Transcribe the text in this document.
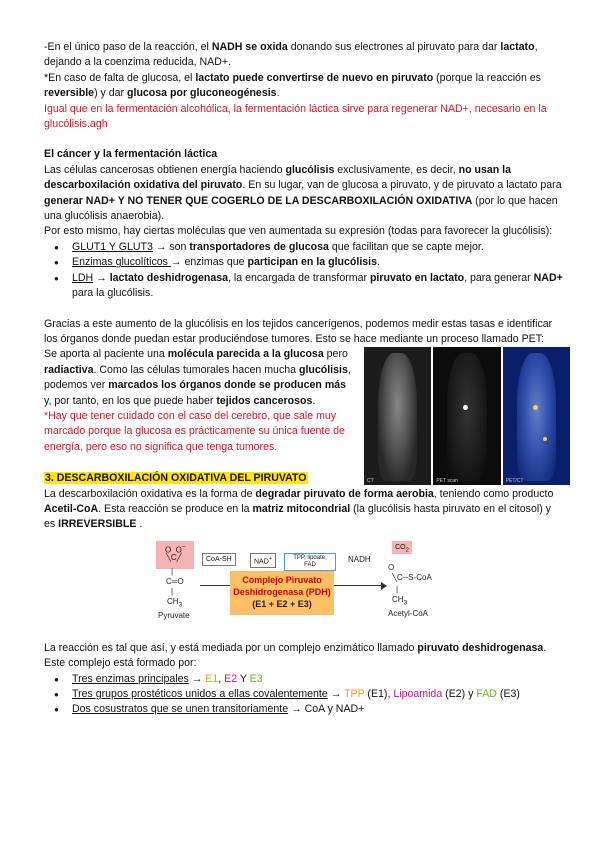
-En el único paso de la reacción, el NADH se oxida donando sus electrones al piruvato para dar lactato, dejando a la coenzima reducida, NAD+.

*En caso de falta de glucosa, el lactato puede convertirse de nuevo en piruvato (porque la reacción es reversible) y dar glucosa por gluconeogénesis.

Igual que en la fermentación alcohólica, la fermentación láctica sirve para regenerar NAD+, necesario en la glucólisis.agh

El cáncer y la fermentación láctica

Las células cancerosas obtienen energía haciendo glucólisis exclusivamente, es decir, no usan la descarboxilación oxidativa del piruvato. En su lugar, van de glucosa a piruvato, y de piruvato a lactato para generar NAD+ Y NO TENER QUE COGERLO DE LA DESCARBOXILACIÓN OXIDATIVA (por lo que hacen una glucólisis anaerobia).

Por esto mismo, hay ciertas moléculas que ven aumentada su expresión (todas para favorecer la glucólisis):

● GLUT1 Y GLUT3 → son transportadores de glucosa que facilitan que se capte mejor.
● Enzimas glucolíticos → enzimas que participan en la glucólisis.
● LDH → lactato deshidrogenasa, la encargada de transformar piruvato en lactato, para generar NAD+ para la glucólisis.

Gracias a este aumento de la glucólisis en los tejidos cancerígenos, podemos medir estas tasas e identificar los órganos donde puedan estar produciéndose tumores. Esto se hace mediante un proceso llamado PET:

Se aporta al paciente una molécula parecida a la glucosa pero radiactiva. Como las células tumorales hacen mucha glucólisis, podemos ver marcados los órganos donde se producen más y, por tanto, en los que puede haber tejidos cancerosos.

*Hay que tener cuidado con el caso del cerebro, que sale muy marcado porque la glucosa es prácticamente su única fuente de energía, pero eso no significa que tenga tumores.

CT	PET scan	PET/CT

3. DESCARBOXILACIÓN OXIDATIVA DEL PIRUVATO

La descarboxilación oxidativa es la forma de degradar piruvato de forma aerobia, teniendo como producto Acetil-CoA. Esta reacción se produce en la matriz mitocondrial (la glucólisis hasta piruvato en el citosol) y es IRREVERSIBLE .

O  O−
╲C╱
|
C═O
|
$CH_3$
Pyruvate
CoA-SH	NAD+	TPP, lipoate, FAD
NADH
Complejo Piruvato Deshidrogenasa (PDH)
(E1 + E2 + E3)
$CO_2$
O
╲C─S-CoA
|
$CH_3$
Acetyl-CoA

La reacción es tal que así, y está mediada por un complejo enzimático llamado piruvato deshidrogenasa. Este complejo está formado por:

● Tres enzimas principales → E1, E2 Y E3
● Tres grupos prostéticos unidos a ellas covalentemente → TPP (E1), Lipoamida (E2) y FAD (E3)
● Dos cosustratos que se unen transitoriamente → CoA y NAD+
